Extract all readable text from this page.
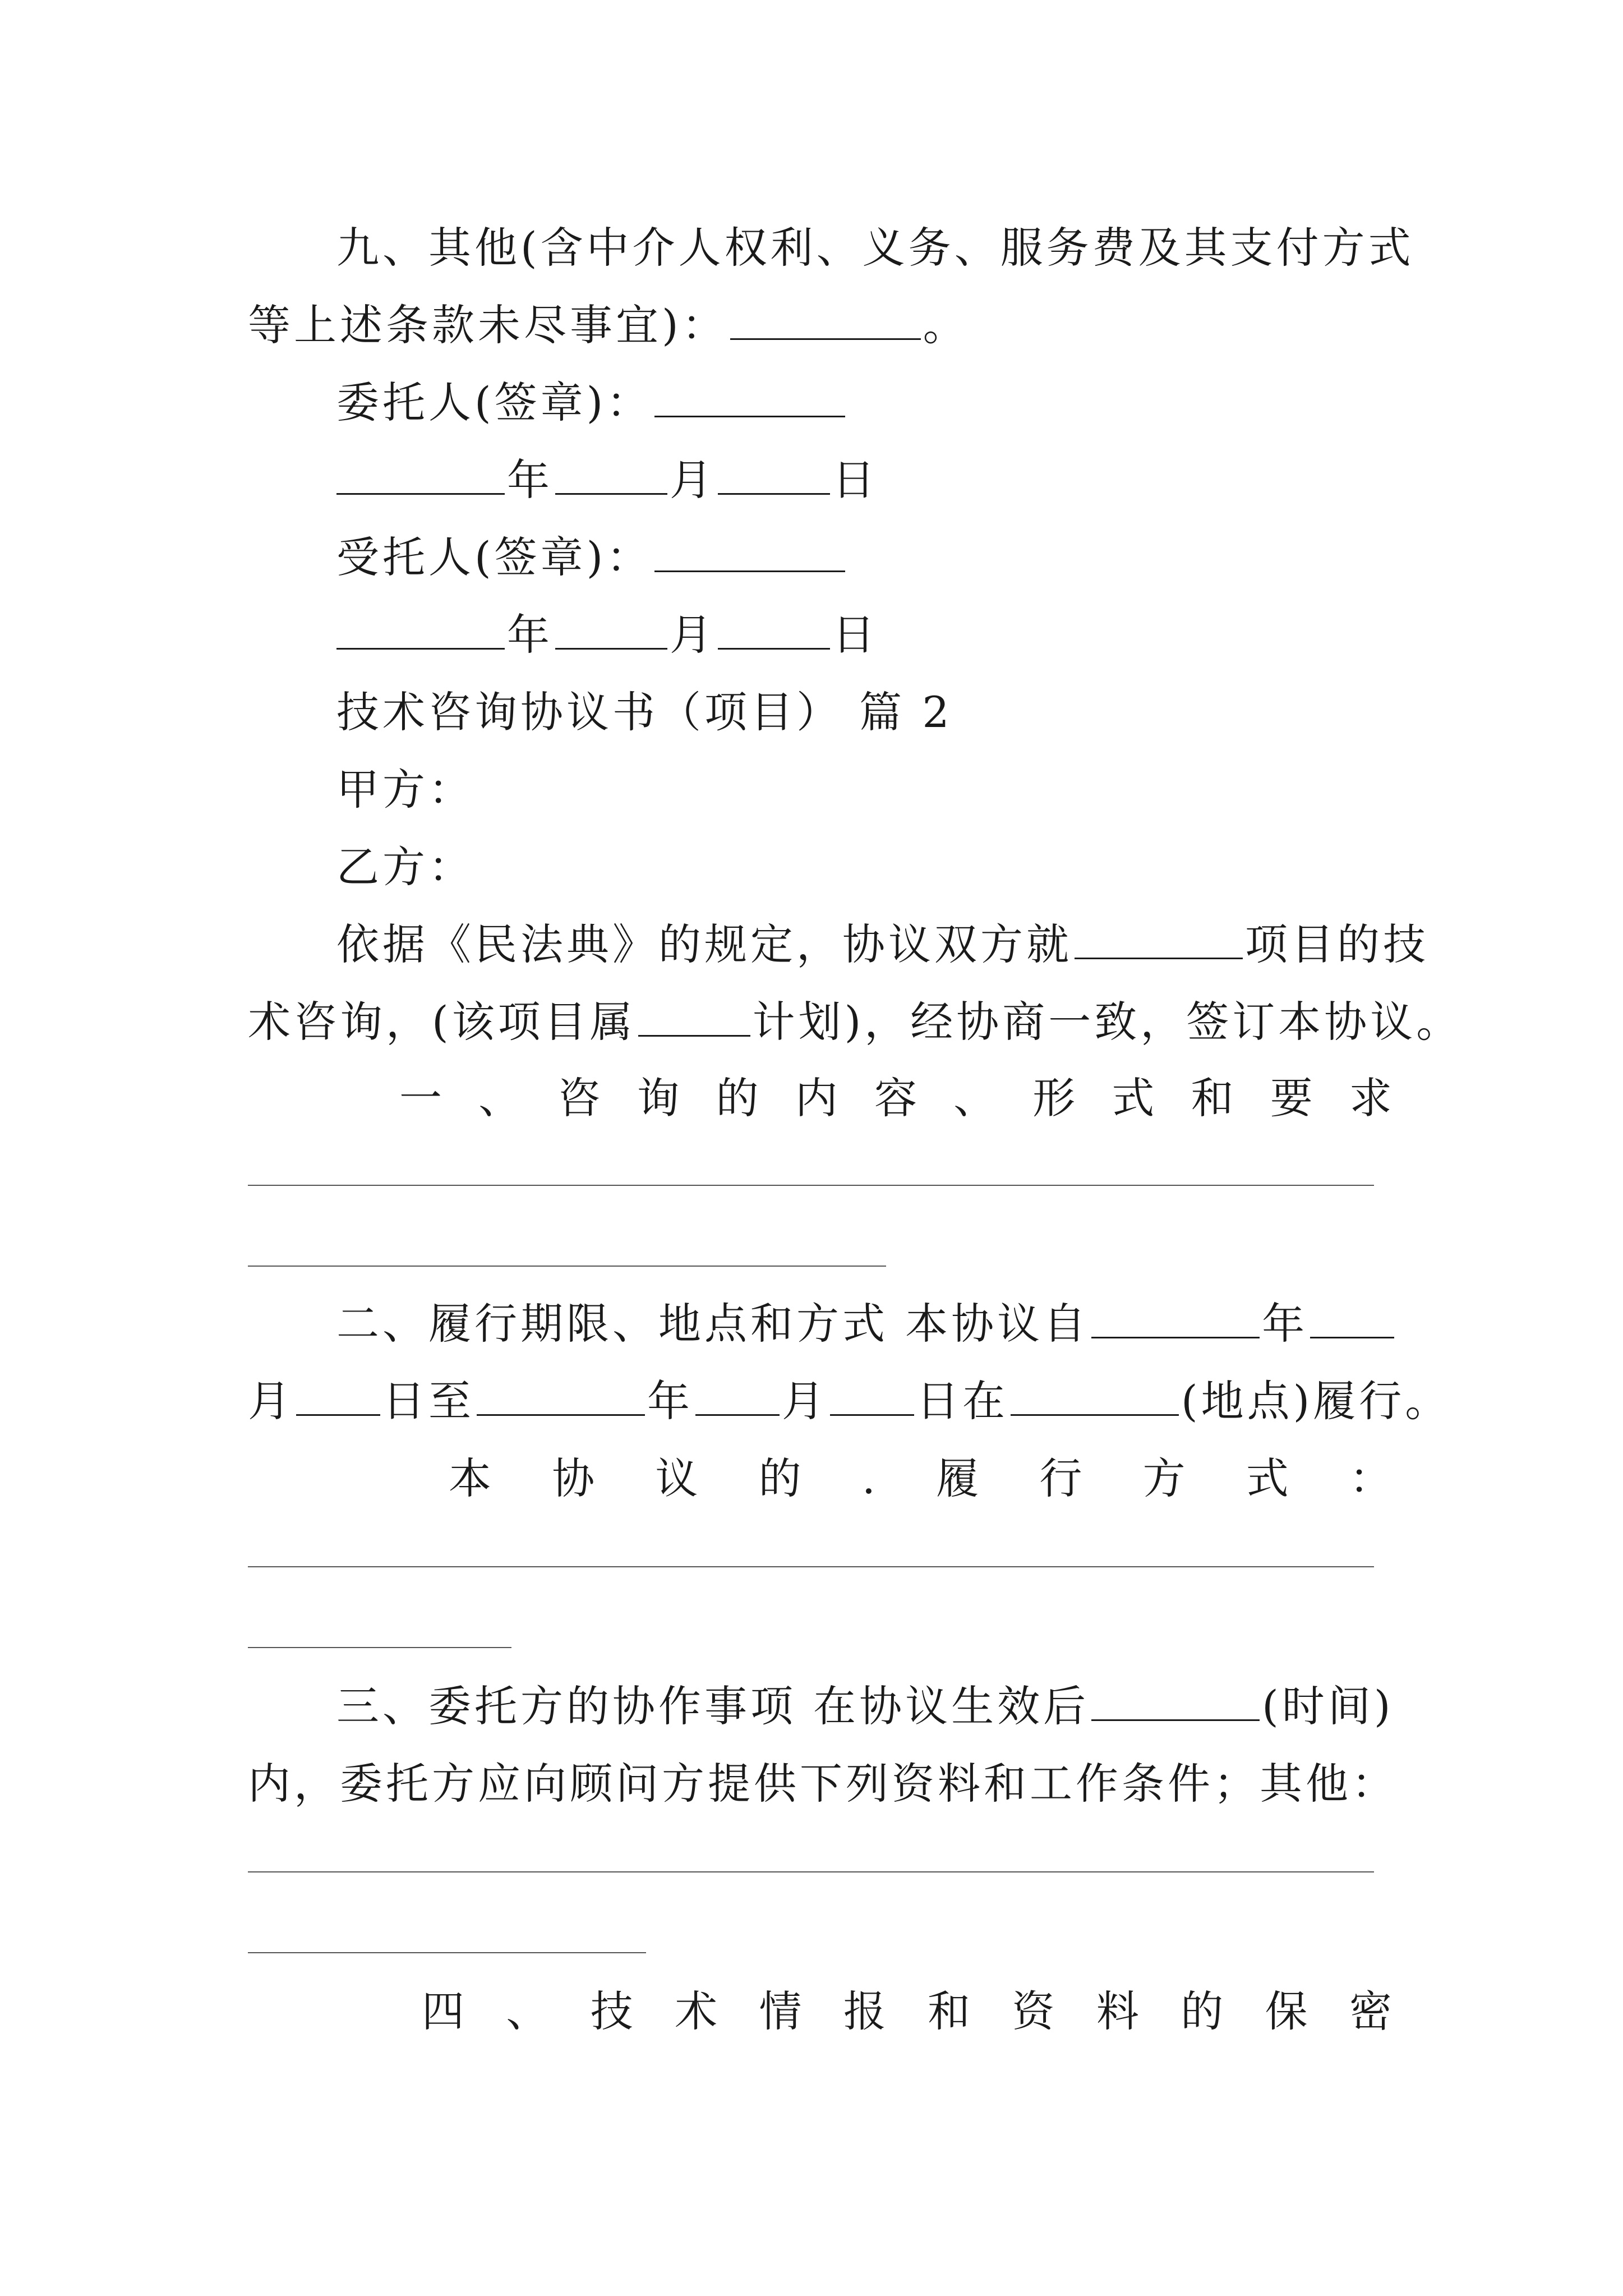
九、其他(含中介人权利、义务、服务费及其支付方式
等上述条款未尽事宜)：	。
委托人(签章)：
年	月	日
受托人(签章)：
年	月	日
技术咨询协议书（项目） 篇 2
甲方：
乙方：
依据《民法典》的规定，协议双方就	项目的技
术咨询，(该项目属	计划)，经协商一致，签订本协议。
一 、 咨 询 的 内 容 、 形 式 和 要 求
二、履行期限、地点和方式 本协议自	年
月 日至	年 月 日在	(地点)履行。
本 协 议 的 . 履 行 方 式 ：
三、委托方的协作事项 在协议生效后	(时间)
内，委托方应向顾问方提供下列资料和工作条件；其他：
四 、 技 术 情 报 和 资 料 的 保 密
